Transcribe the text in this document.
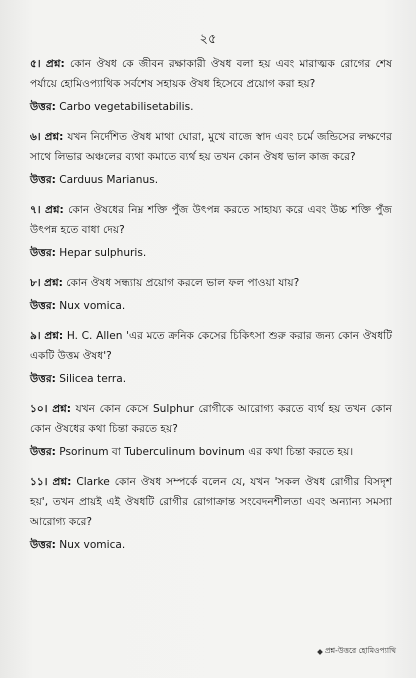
২৫

৫। প্রশ্ন: কোন ঔষধ কে জীবন রক্ষাকারী ঔষধ বলা হয় এবং মারাত্মক রোগের শেষ পর্যায়ে হোমিওপ্যাথিক সর্বশেষ সহায়ক ঔষধ হিসেবে প্রয়োগ করা হয়?

উত্তর: Carbo vegetabilisetabilis.

৬। প্রশ্ন: যখন নির্দেশিত ঔষধ মাথা ঘোরা, মুখে বাজে স্বাদ এবং চর্মে জন্ডিসের লক্ষণের সাথে লিভার অঞ্চলের ব্যথা কমাতে ব্যর্থ হয় তখন কোন ঔষধ ভাল কাজ করে?

উত্তর: Carduus Marianus.

৭। প্রশ্ন: কোন ঔষধের নিম্ন শক্তি পুঁজ উৎপন্ন করতে সাহায্য করে এবং উচ্চ শক্তি পুঁজ উৎপন্ন হতে বাধা দেয়?

উত্তর: Hepar sulphuris.

৮। প্রশ্ন: কোন ঔষধ সন্ধ্যায় প্রয়োগ করলে ভাল ফল পাওয়া যায়?

উত্তর: Nux vomica.

৯। প্রশ্ন: H. C. Allen 'এর মতে ক্রনিক কেসের চিকিৎসা শুরু করার জন্য কোন ঔষধটি একটি উত্তম ঔষধ'?

উত্তর: Silicea terra.

১০। প্রশ্ন: যখন কোন কেসে Sulphur রোগীকে আরোগ্য করতে ব্যর্থ হয় তখন কোন কোন ঔষধের কথা চিন্তা করতে হয়?

উত্তর: Psorinum বা Tuberculinum bovinum এর কথা চিন্তা করতে হয়।

১১। প্রশ্ন: Clarke কোন ঔষধ সম্পর্কে বলেন যে, যখন 'সকল ঔষধ রোগীর বিসদৃশ হয়', তখন প্রায়ই এই ঔষধটি রোগীর রোগাক্রান্ত সংবেদনশীলতা এবং অন্যান্য সমস্যা আরোগ্য করে?

উত্তর: Nux vomica.

প্রশ্ন-উত্তরে হোমিওপ্যাথি
